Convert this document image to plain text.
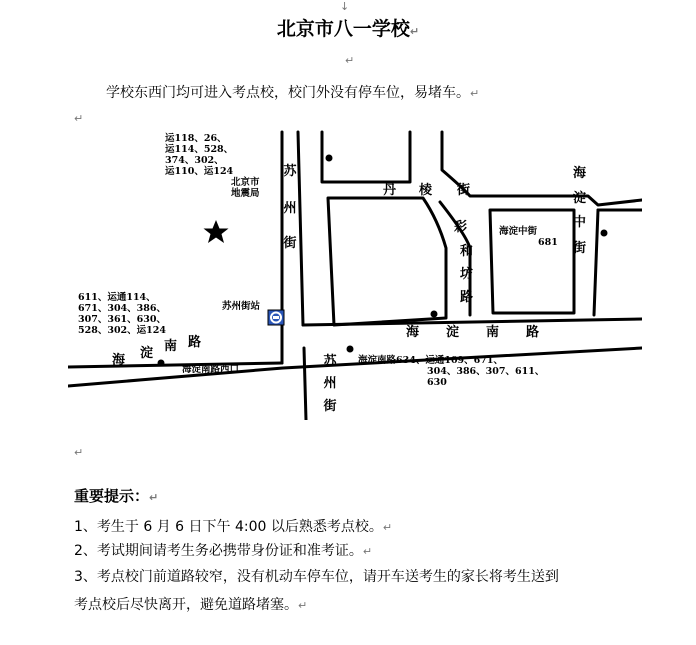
北京市八一学校↵
↓
↵
学校东西门均可进入考点校，校门外没有停车位，易堵车。↵
↵
苏
州
街
苏
州
街
丹 棱 街
彩
和
坊
路
海 淀 南 路
海 淀 南 路
海
淀
中
街
运118、26、
运114、528、
374、302、
运110、运124
北京市
地震局
611、运通114、
671、304、386、
307、361、630、
528、302、运124
苏州街站
海淀中街
681
海淀南路西口
海淀南路634、运通109、671、
304、386、307、611、
630
↵
重要提示：↵
1、考生于 6 月 6 日下午 4:00 以后熟悉考点校。↵
2、考试期间请考生务必携带身份证和准考证。↵
3、考点校门前道路较窄，没有机动车停车位，请开车送考生的家长将考生送到
考点校后尽快离开，避免道路堵塞。↵
